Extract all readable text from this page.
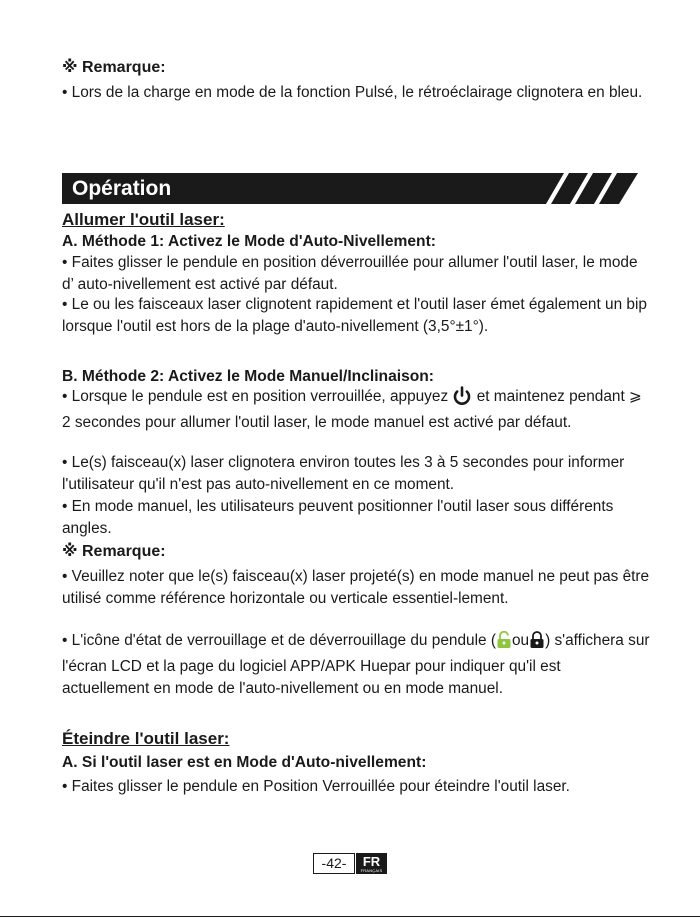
※ Remarque:

• Lors de la charge en mode de la fonction Pulsé, le rétroéclairage clignotera en bleu.

Opération
Allumer l'outil laser:
A. Méthode 1: Activez le Mode d'Auto-Nivellement:

• Faites glisser le pendule en position déverrouillée pour allumer l'outil laser, le mode d’ auto-nivellement est activé par défaut.

• Le ou les faisceaux laser clignotent rapidement et l'outil laser émet également un bip lorsque l'outil est hors de la plage d'auto-nivellement (3,5°±1°).

B. Méthode 2: Activez le Mode Manuel/Inclinaison:

• Lorsque le pendule est en position verrouillée, appuyez  et maintenez pendant ⩾ 2 secondes pour allumer l'outil laser, le mode manuel est activé par défaut.

• Le(s) faisceau(x) laser clignotera environ toutes les 3 à 5 secondes pour informer l'utilisateur qu'il n'est pas auto-nivellement en ce moment.

• En mode manuel, les utilisateurs peuvent positionner l'outil laser sous différents angles.

※ Remarque:

• Veuillez noter que le(s) faisceau(x) laser projeté(s) en mode manuel ne peut pas être utilisé comme référence horizontale ou verticale essentiel-lement.

• L'icône d'état de verrouillage et de déverrouillage du pendule ( ou ) s'affichera sur l'écran LCD et la page du logiciel APP/APK Huepar pour indiquer qu'il est actuellement en mode de l'auto-nivellement ou en mode manuel.

Éteindre l'outil laser:
A. Si l'outil laser est en Mode d'Auto-nivellement:

• Faites glisser le pendule en Position Verrouillée pour éteindre l'outil laser.

-42-	FR
FRANÇAIS
